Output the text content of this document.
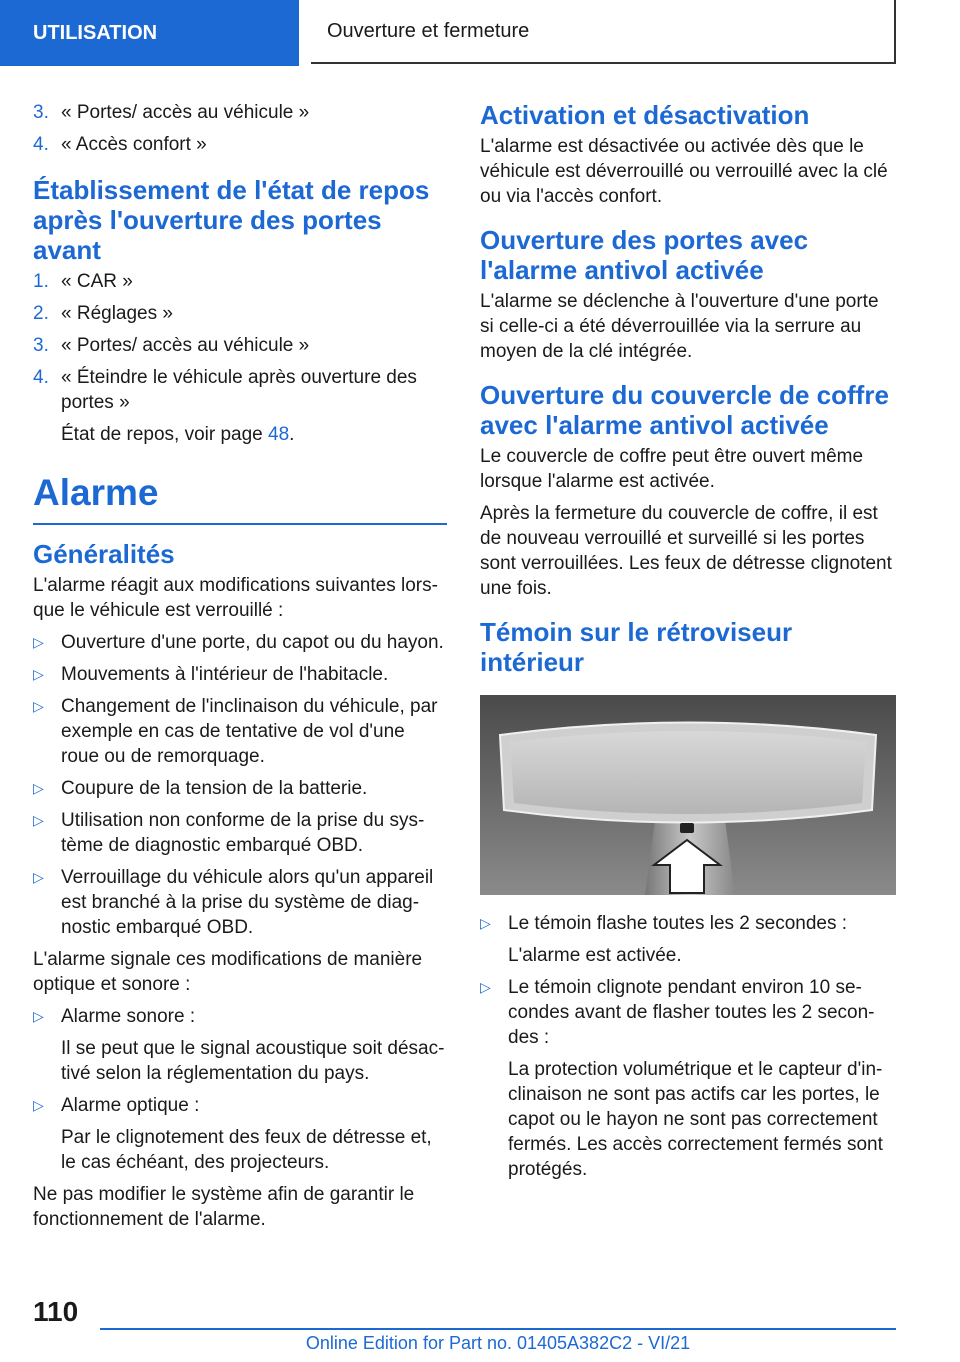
UTILISATION	Ouverture et fermeture
3. « Portes/ accès au véhicule »
4. « Accès confort »
Établissement de l'état de repos après l'ouverture des portes avant
1. « CAR »
2. « Réglages »
3. « Portes/ accès au véhicule »
4. « Éteindre le véhicule après ouverture des portes »
État de repos, voir page 48.
Alarme
Généralités

L'alarme réagit aux modifications suivantes lors-que le véhicule est verrouillé :

▷ Ouverture d'une porte, du capot ou du hayon.
▷ Mouvements à l'intérieur de l'habitacle.
▷ Changement de l'inclinaison du véhicule, par exemple en cas de tentative de vol d'une roue ou de remorquage.
▷ Coupure de la tension de la batterie.
▷ Utilisation non conforme de la prise du sys-tème de diagnostic embarqué OBD.
▷ Verrouillage du véhicule alors qu'un appareil est branché à la prise du système de diag-nostic embarqué OBD.

L'alarme signale ces modifications de manière optique et sonore :

▷ Alarme sonore :

Il se peut que le signal acoustique soit désac-tivé selon la réglementation du pays.

▷ Alarme optique :

Par le clignotement des feux de détresse et, le cas échéant, des projecteurs.

Ne pas modifier le système afin de garantir le fonctionnement de l'alarme.

Activation et désactivation

L'alarme est désactivée ou activée dès que le véhicule est déverrouillé ou verrouillé avec la clé ou via l'accès confort.

Ouverture des portes avec l'alarme antivol activée

L'alarme se déclenche à l'ouverture d'une porte si celle-ci a été déverrouillée via la serrure au moyen de la clé intégrée.

Ouverture du couvercle de coffre avec l'alarme antivol activée

Le couvercle de coffre peut être ouvert même lorsque l'alarme est activée.

Après la fermeture du couvercle de coffre, il est de nouveau verrouillé et surveillé si les portes sont verrouillées. Les feux de détresse clignotent une fois.

Témoin sur le rétroviseur intérieur
▷ Le témoin flashe toutes les 2 secondes :

L'alarme est activée.

▷ Le témoin clignote pendant environ 10 se-condes avant de flasher toutes les 2 secon-des :

La protection volumétrique et le capteur d'in-clinaison ne sont pas actifs car les portes, le capot ou le hayon ne sont pas correctement fermés. Les accès correctement fermés sont protégés.

110
Online Edition for Part no. 01405A382C2 - VI/21
